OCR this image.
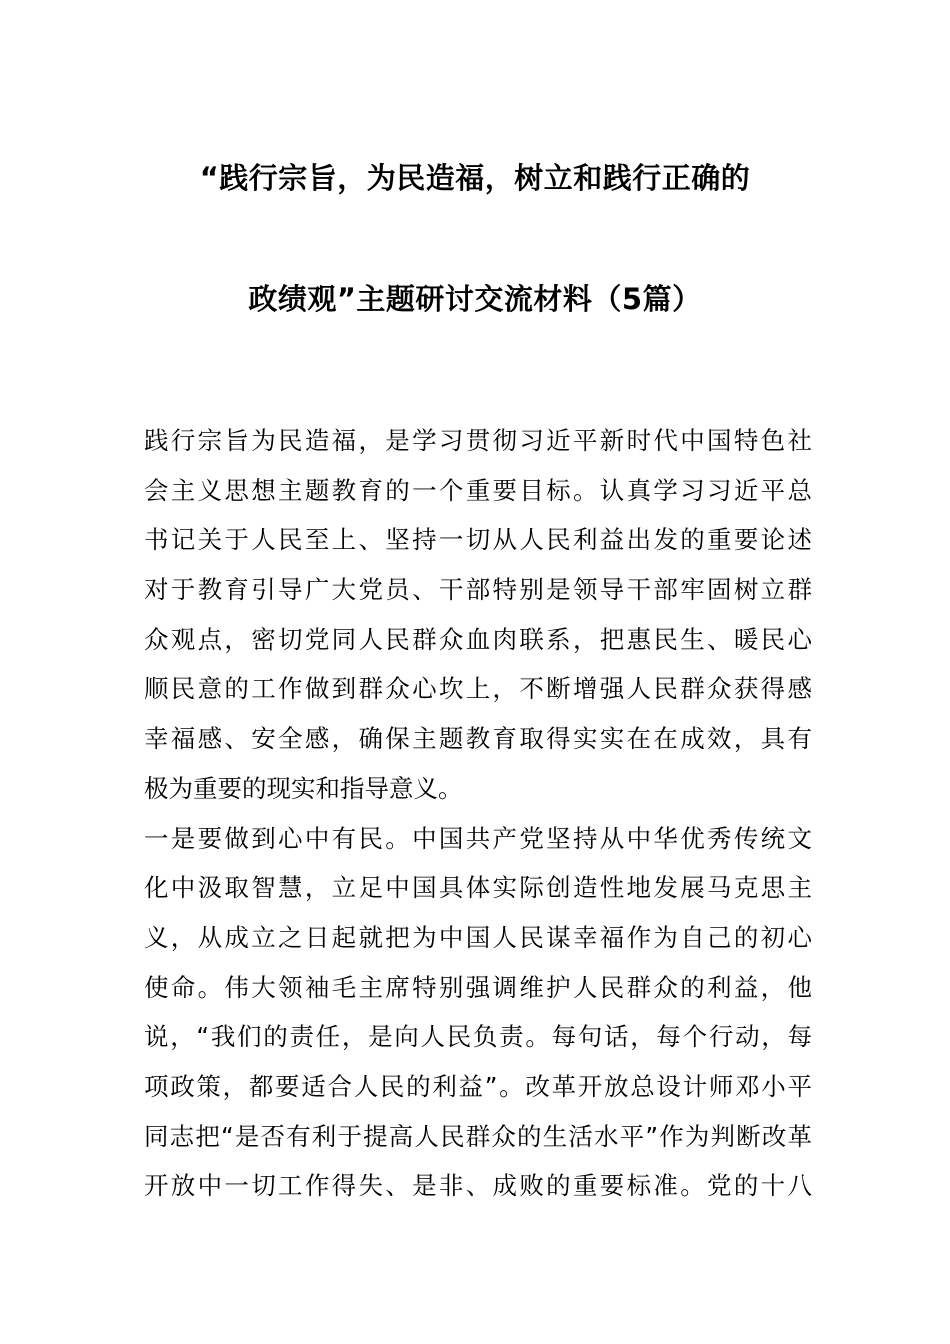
“践行宗旨，为民造福，树立和践行正确的
政绩观”主题研讨交流材料（5篇）
践行宗旨为民造福，是学习贯彻习近平新时代中国特色社
会主义思想主题教育的一个重要目标。认真学习习近平总
书记关于人民至上、坚持一切从人民利益出发的重要论述
对于教育引导广大党员、干部特别是领导干部牢固树立群
众观点，密切党同人民群众血肉联系，把惠民生、暖民心
顺民意的工作做到群众心坎上，不断增强人民群众获得感
幸福感、安全感，确保主题教育取得实实在在成效，具有
极为重要的现实和指导意义。
一是要做到心中有民。中国共产党坚持从中华优秀传统文
化中汲取智慧，立足中国具体实际创造性地发展马克思主
义，从成立之日起就把为中国人民谋幸福作为自己的初心
使命。伟大领袖毛主席特别强调维护人民群众的利益，他
说，“我们的责任，是向人民负责。每句话，每个行动，每
项政策，都要适合人民的利益”。改革开放总设计师邓小平
同志把“是否有利于提高人民群众的生活水平”作为判断改革
开放中一切工作得失、是非、成败的重要标准。党的十八
